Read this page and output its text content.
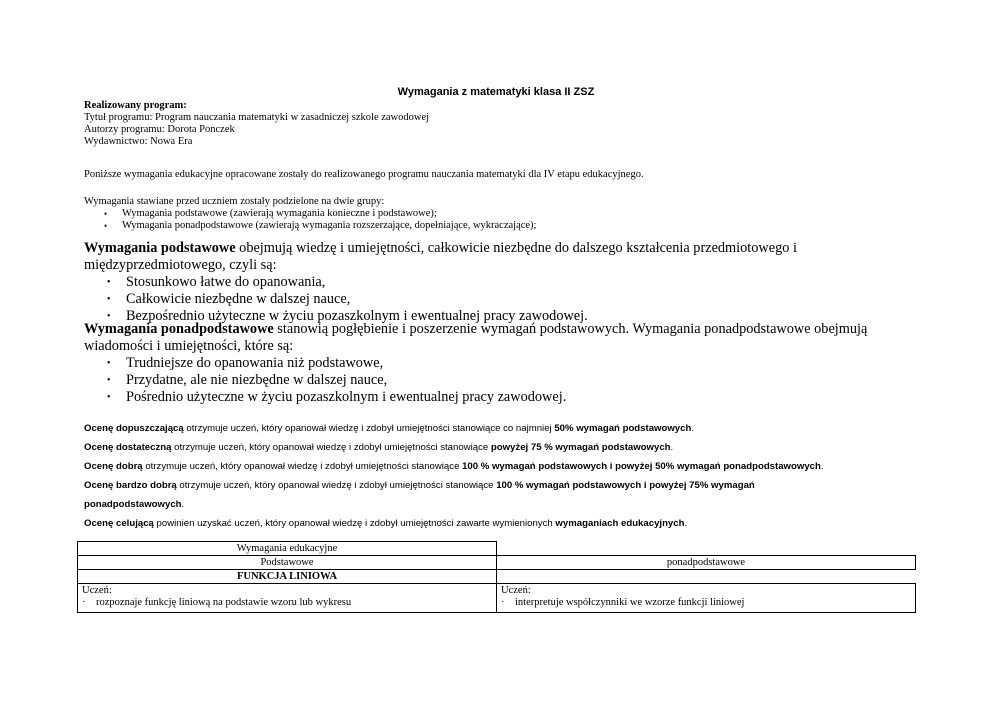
Wymagania z matematyki klasa II ZSZ
Realizowany program:
Tytuł programu: Program nauczania matematyki w zasadniczej szkole zawodowej
Autorzy programu: Dorota Ponczek
Wydawnictwo: Nowa Era
Poniższe wymagania edukacyjne opracowane zostały do realizowanego programu nauczania matematyki dla IV etapu edukacyjnego.
Wymagania stawiane przed uczniem zostały podzielone na dwie grupy:
• Wymagania podstawowe (zawierają wymagania konieczne i podstawowe);
• Wymagania ponadpodstawowe (zawierają wymagania rozszerzające, dopełniające, wykraczające);
Wymagania podstawowe obejmują wiedzę i umiejętności, całkowicie niezbędne do dalszego kształcenia przedmiotowego i
międzyprzedmiotowego, czyli są:
• Stosunkowo łatwe do opanowania,
• Całkowicie niezbędne w dalszej nauce,
• Bezpośrednio użyteczne w życiu pozaszkolnym i ewentualnej pracy zawodowej.
Wymagania ponadpodstawowe stanowią pogłębienie i poszerzenie wymagań podstawowych. Wymagania ponadpodstawowe obejmują
wiadomości i umiejętności, które są:
• Trudniejsze do opanowania niż podstawowe,
• Przydatne, ale nie niezbędne w dalszej nauce,
• Pośrednio użyteczne w życiu pozaszkolnym i ewentualnej pracy zawodowej.
Ocenę dopuszczającą otrzymuje uczeń, który opanował wiedzę i zdobył umiejętności stanowiące co najmniej 50% wymagań podstawowych.
Ocenę dostateczną otrzymuje uczeń, który opanował wiedzę i zdobył umiejętności stanowiące powyżej 75 % wymagań podstawowych.
Ocenę dobrą otrzymuje uczeń, który opanował wiedzę i zdobył umiejętności stanowiące 100 % wymagań podstawowych i powyżej 50% wymagań ponadpodstawowych.
Ocenę bardzo dobrą otrzymuje uczeń, który opanował wiedzę i zdobył umiejętności stanowiące 100 % wymagań podstawowych i powyżej 75% wymagań
ponadpodstawowych.
Ocenę celującą powinien uzyskać uczeń, który opanował wiedzę i zdobył umiejętności zawarte wymienionych wymaganiach edukacyjnych.
Wymagania edukacyjne
Podstawowe	ponadpodstawowe
FUNKCJA LINIOWA
Uczeń:
· rozpoznaje funkcję liniową na podstawie wzoru lub wykresu
Uczeń:
· interpretuje współczynniki we wzorze funkcji liniowej
